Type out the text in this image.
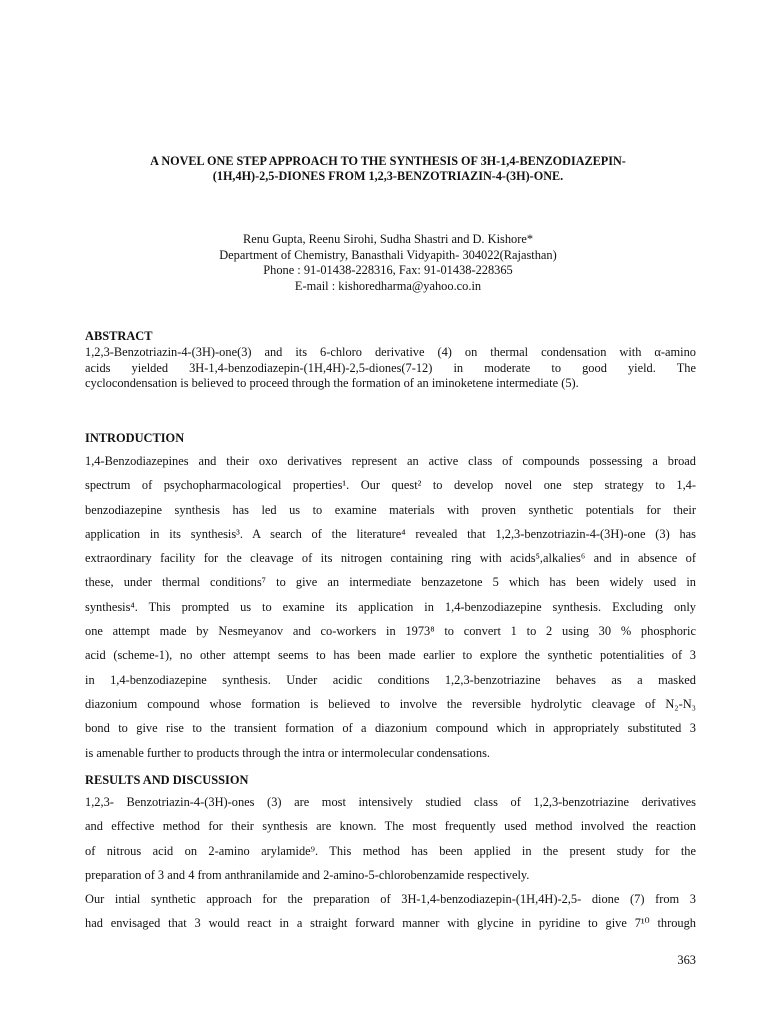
A NOVEL ONE STEP APPROACH TO THE SYNTHESIS OF 3H-1,4-BENZODIAZEPIN-
(1H,4H)-2,5-DIONES FROM 1,2,3-BENZOTRIAZIN-4-(3H)-ONE.
Renu Gupta, Reenu Sirohi, Sudha Shastri and D. Kishore*
Department of Chemistry, Banasthali Vidyapith- 304022(Rajasthan)
Phone : 91-01438-228316, Fax: 91-01438-228365
E-mail : kishoredharma@yahoo.co.in
ABSTRACT
1,2,3-Benzotriazin-4-(3H)-one(3) and its 6-chloro derivative (4) on thermal condensation with α-amino
acids yielded 3H-1,4-benzodiazepin-(1H,4H)-2,5-diones(7-12) in moderate to good yield. The
cyclocondensation is believed to proceed through the formation of an iminoketene intermediate (5).
INTRODUCTION
1,4-Benzodiazepines and their oxo derivatives represent an active class of compounds possessing a broad
spectrum of psychopharmacological properties¹. Our quest² to develop novel one step strategy to 1,4-
benzodiazepine synthesis has led us to examine materials with proven synthetic potentials for their
application in its synthesis³. A search of the literature⁴ revealed that 1,2,3-benzotriazin-4-(3H)-one (3) has
extraordinary facility for the cleavage of its nitrogen containing ring with acids⁵,alkalies⁶ and in absence of
these, under thermal conditions⁷ to give an intermediate benzazetone 5 which has been widely used in
synthesis⁴. This prompted us to examine its application in 1,4-benzodiazepine synthesis. Excluding only
one attempt made by Nesmeyanov and co-workers in 1973⁸ to convert 1 to 2 using 30 % phosphoric
acid (scheme-1), no other attempt seems to has been made earlier to explore the synthetic potentialities of 3
in 1,4-benzodiazepine synthesis. Under acidic conditions 1,2,3-benzotriazine behaves as a masked
diazonium compound whose formation is believed to involve the reversible hydrolytic cleavage of N₂-N₃
bond to give rise to the transient formation of a diazonium compound which in appropriately substituted 3
is amenable further to products through the intra or intermolecular condensations.
RESULTS AND DISCUSSION
1,2,3- Benzotriazin-4-(3H)-ones (3) are most intensively studied class of 1,2,3-benzotriazine derivatives
and effective method for their synthesis are known. The most frequently used method involved the reaction
of nitrous acid on 2-amino arylamide⁹. This method has been applied in the present study for the
preparation of 3 and 4 from anthranilamide and 2-amino-5-chlorobenzamide respectively.
Our intial synthetic approach for the preparation of 3H-1,4-benzodiazepin-(1H,4H)-2,5- dione (7) from 3
had envisaged that 3 would react in a straight forward manner with glycine in pyridine to give 7¹⁰ through
363
